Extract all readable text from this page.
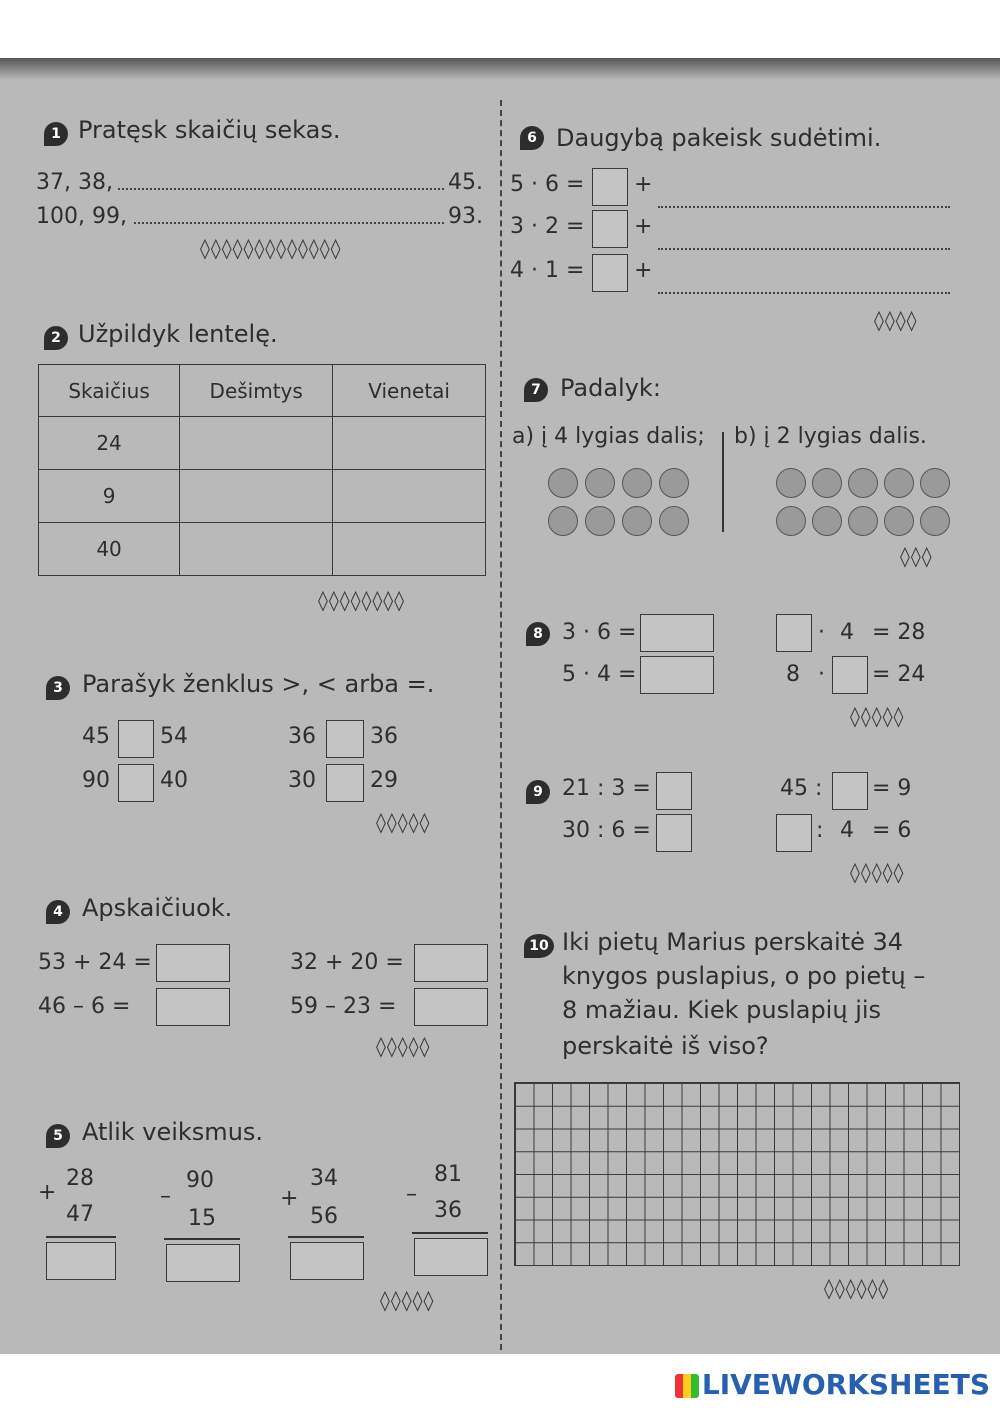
1 Pratęsk skaičių sekas.
37, 38,	45.
100, 99,	93.
◊◊◊◊◊◊◊◊◊◊◊◊◊
2 Užpildyk lentelę.
Skaičius	Dešimtys	Vienetai
24		
9		
40		
◊◊◊◊◊◊◊◊
3 Parašyk ženklus >, < arba =.
45 54	36 36
90 40	30 29
◊◊◊◊◊
4 Apskaičiuok.
53 + 24 =	32 + 20 =
46 – 6 =	59 – 23 =
◊◊◊◊◊
5 Atlik veiksmus.
+
28
47
–
90
15
+
34
56
–
81
36
◊◊◊◊◊
6 Daugybą pakeisk sudėtimi.
5 · 6 = +
3 · 2 = +
4 · 1 = +
◊◊◊◊
7 Padalyk:
a) į 4 lygias dalis; b) į 2 lygias dalis.
◊◊◊
8 3 · 6 =
5 · 4 =
· 4 = 28
8 · = 24
◊◊◊◊◊
9 21 : 3 =
30 : 6 =
45 : = 9
: 4 = 6
◊◊◊◊◊
10 Iki pietų Marius perskaitė 34
knygos puslapius, o po pietų –
8 mažiau. Kiek puslapių jis
perskaitė iš viso?
◊◊◊◊◊◊
LIVEWORKSHEETS
